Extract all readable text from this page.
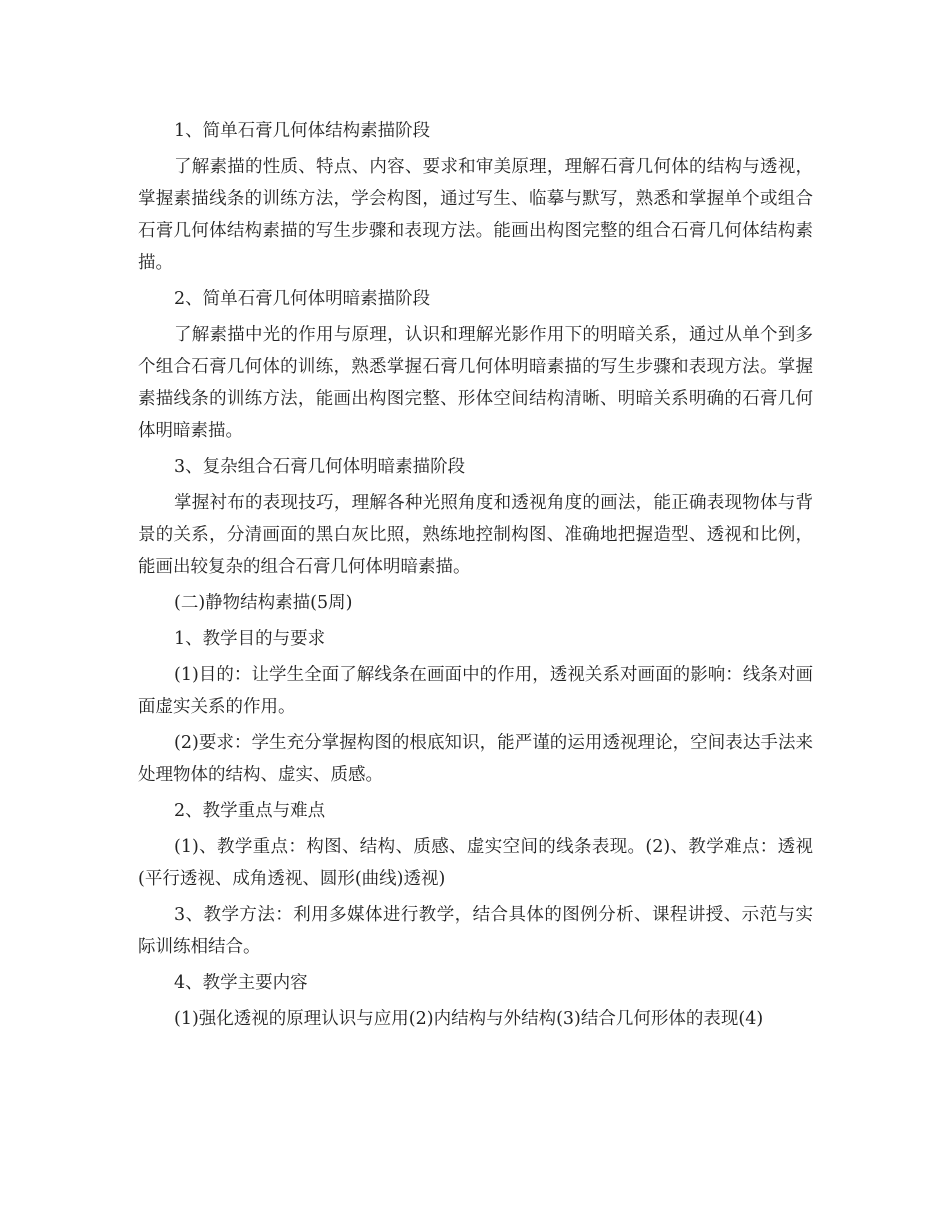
1、简单石膏几何体结构素描阶段

了解素描的性质、特点、内容、要求和审美原理，理解石膏几何体的结构与透视，掌握素描线条的训练方法，学会构图，通过写生、临摹与默写，熟悉和掌握单个或组合石膏几何体结构素描的写生步骤和表现方法。能画出构图完整的组合石膏几何体结构素描。

2、简单石膏几何体明暗素描阶段

了解素描中光的作用与原理，认识和理解光影作用下的明暗关系，通过从单个到多个组合石膏几何体的训练，熟悉掌握石膏几何体明暗素描的写生步骤和表现方法。掌握素描线条的训练方法，能画出构图完整、形体空间结构清晰、明暗关系明确的石膏几何体明暗素描。

3、复杂组合石膏几何体明暗素描阶段

掌握衬布的表现技巧，理解各种光照角度和透视角度的画法，能正确表现物体与背景的关系，分清画面的黑白灰比照，熟练地控制构图、准确地把握造型、透视和比例，能画出较复杂的组合石膏几何体明暗素描。

(二)静物结构素描(5周)

1、教学目的与要求

(1)目的：让学生全面了解线条在画面中的作用，透视关系对画面的影响：线条对画面虚实关系的作用。

(2)要求：学生充分掌握构图的根底知识，能严谨的运用透视理论，空间表达手法来处理物体的结构、虚实、质感。

2、教学重点与难点

(1)、教学重点：构图、结构、质感、虚实空间的线条表现。(2)、教学难点：透视(平行透视、成角透视、圆形(曲线)透视)

3、教学方法：利用多媒体进行教学，结合具体的图例分析、课程讲授、示范与实际训练相结合。

4、教学主要内容

(1)强化透视的原理认识与应用(2)内结构与外结构(3)结合几何形体的表现(4)
